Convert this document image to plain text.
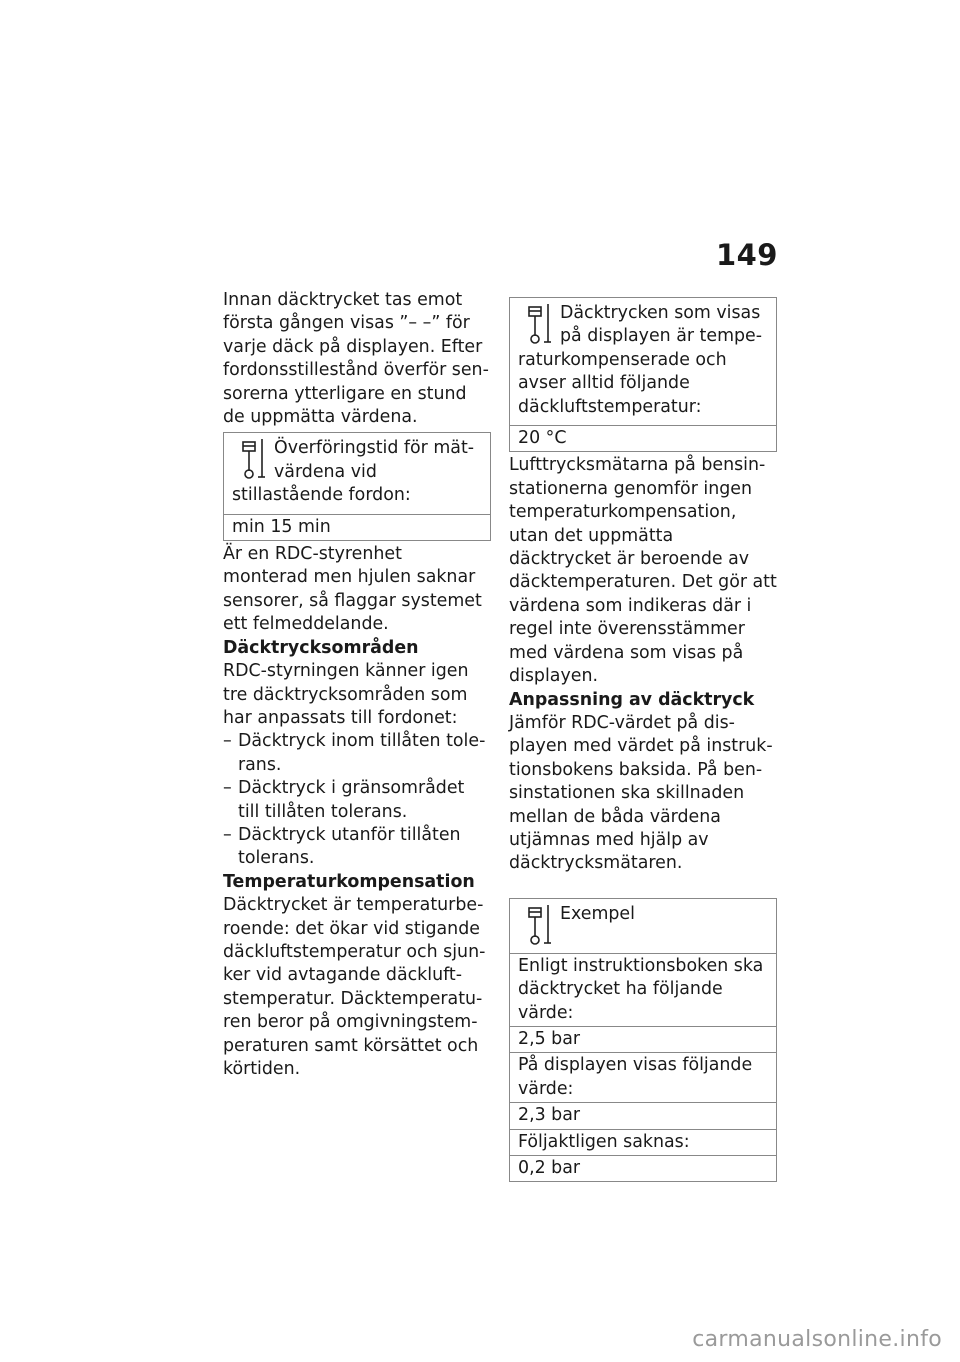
149

Innan däcktrycket tas emot första gången visas ”– –” för varje däck på displayen. Efter fordonsstillestånd överför sensorerna ytterligare en stund de uppmätta värdena.

Överföringstid för mätvärdena vid stillastående fordon:
min 15 min

Är en RDC-styrenhet monterad men hjulen saknar sensorer, så flaggar systemet ett felmeddelande.

Däcktrycksområden

RDC-styrningen känner igen tre däcktrycksområden som har anpassats till fordonet:

– Däcktryck inom tillåten tolerans.
– Däcktryck i gränsområdet till tillåten tolerans.
– Däcktryck utanför tillåten tolerans.

Temperaturkompensation

Däcktrycket är temperaturberoende: det ökar vid stigande däckluftstemperatur och sjunker vid avtagande däckluftstemperatur. Däcktemperaturen beror på omgivningstemperaturen samt körsättet och körtiden.

Däcktrycken som visas på displayen är temperaturkompenserade och avser alltid följande däckluftstemperatur:
20 °C

Lufttrycksmätarna på bensinstationerna genomför ingen temperaturkompensation, utan det uppmätta däcktrycket är beroende av däcktemperaturen. Det gör att värdena som indikeras där i regel inte överensstämmer med värdena som visas på displayen.

Anpassning av däcktryck

Jämför RDC-värdet på displayen med värdet på instruktionsbokens baksida. På bensinstationen ska skillnaden mellan de båda värdena utjämnas med hjälp av däcktrycksmätaren.

Exempel
Enligt instruktionsboken ska däcktrycket ha följande värde:
2,5 bar
På displayen visas följande värde:
2,3 bar
Följaktligen saknas:
0,2 bar
carmanualsonline.info
